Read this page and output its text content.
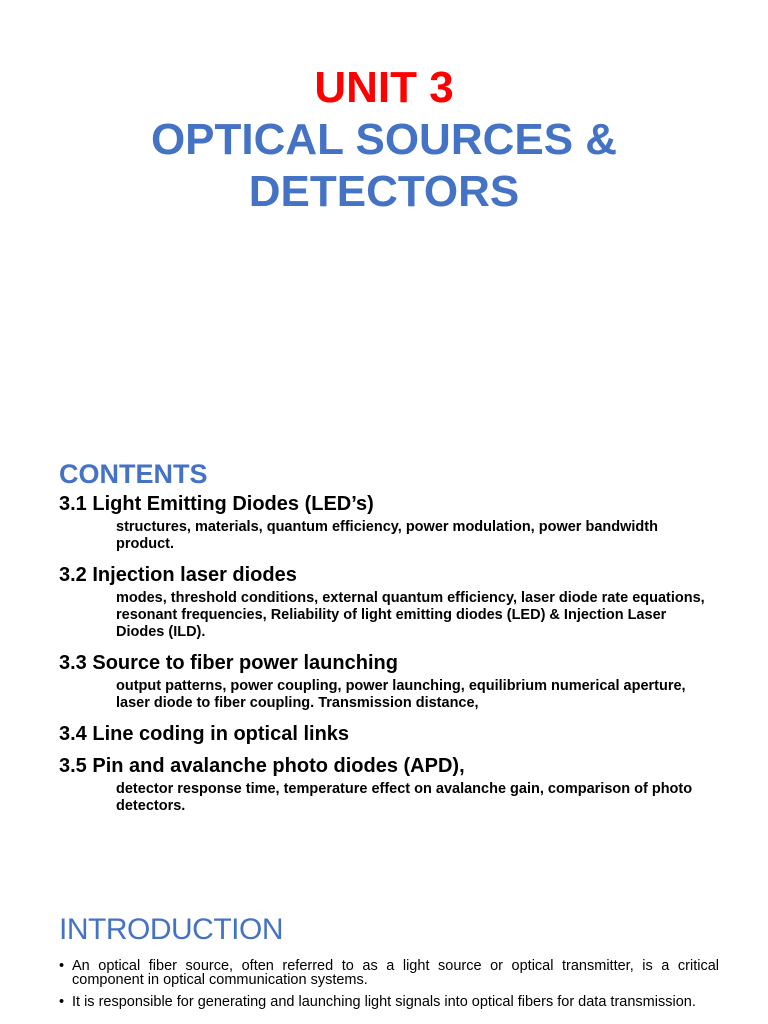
UNIT 3
OPTICAL SOURCES &
DETECTORS
CONTENTS
3.1 Light Emitting Diodes (LED’s)
structures, materials, quantum efficiency, power modulation, power bandwidth product.
3.2 Injection laser diodes
modes, threshold conditions, external quantum efficiency, laser diode rate equations, resonant frequencies, Reliability of light emitting diodes (LED) & Injection Laser Diodes (ILD).
3.3 Source to fiber power launching
output patterns, power coupling, power launching, equilibrium numerical aperture, laser diode to fiber coupling. Transmission distance,
3.4 Line coding in optical links
3.5 Pin and avalanche photo diodes (APD),
detector response time, temperature effect on avalanche gain, comparison of photo detectors.
INTRODUCTION
• An optical fiber source, often referred to as a light source or optical transmitter, is a critical component in optical communication systems.
• It is responsible for generating and launching light signals into optical fibers for data transmission.
